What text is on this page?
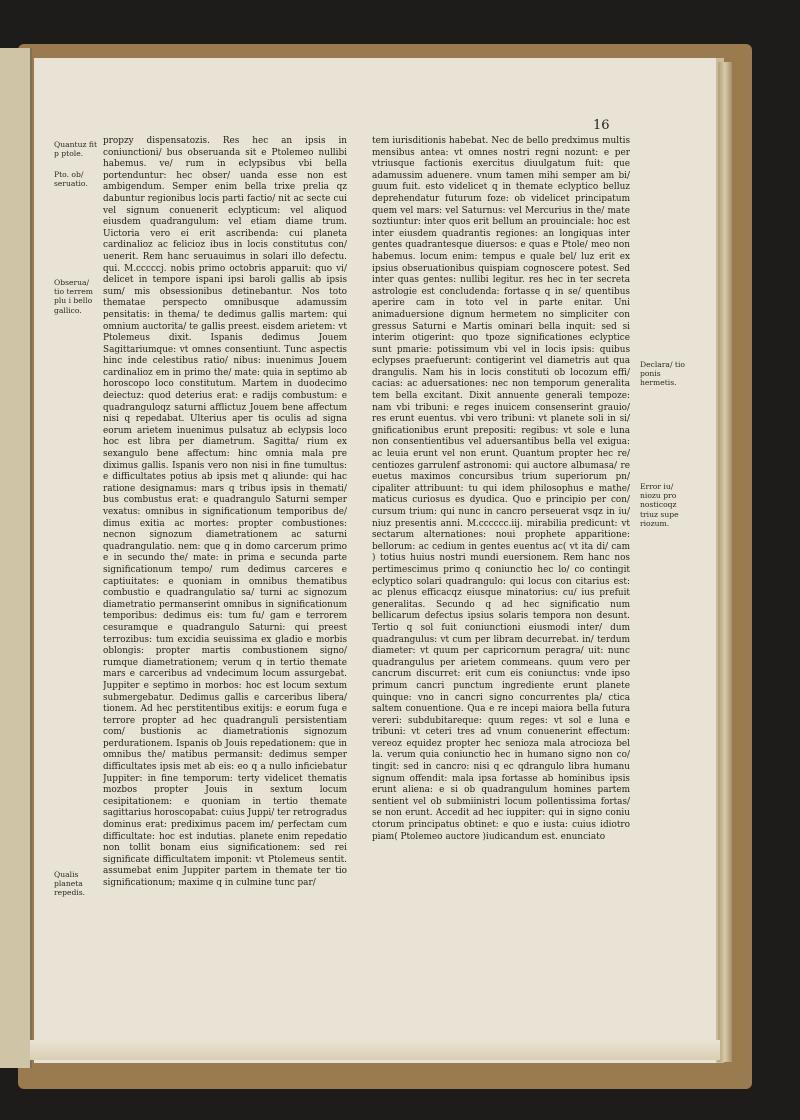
16
Quantuz fit p ptole.
Pto. ob/ seruatio.
Obserua/ tio terrem plu i bello gallico.
Qualis planeta repedis.
Declara/ tio ponis hermetis.
Error iu/ niozu pro nosticoqz triuz supe riozum.

propzy dispensatozis. Res hec an ipsis in coniunctioni/ bus obseruanda sit e Ptolemeo nullibi habemus. ve/ rum in eclypsibus vbi bella portenduntur: hec obser/ uanda esse non est ambigendum. Semper enim bella trixe prelia qz dabuntur regionibus locis parti factio/ nit ac secte cui vel signum conuenerit eclypticum: vel aliquod eiusdem quadrangulum: vel etiam diame trum. Uictoria vero ei erit ascribenda: cui planeta cardinalioz ac felicioz ibus in locis constitutus con/ uenerit. Rem hanc seruauimus in solari illo defectu. qui. M.cccccj. nobis primo octobris apparuit: quo vi/ delicet in tempore ispani ipsi baroli gallis ab ipsis sum/ mis obsessionibus detinebantur. Nos toto thematae perspecto omnibusque adamussim pensitatis: in thema/ te dedimus gallis martem: qui omnium auctorita/ te gallis preest. eisdem arietem: vt Ptolemeus dixit. Ispanis dedimus Jouem Sagittariumque: vt omnes consentiunt. Tunc aspectis hinc inde celestibus ratio/ nibus: inuenimus Jouem cardinalioz em in primo the/ mate: quia in septimo ab horoscopo loco constitutum. Martem in duodecimo deiectuz: quod deterius erat: e radijs combustum: e quadranguloqz saturni afflictuz Jouem bene affectum nisi q repedabat. Ulterius aper tis oculis ad signa eorum arietem inuenimus pulsatuz ab eclypsis loco hoc est libra per diametrum. Sagitta/ rium ex sexangulo bene affectum: hinc omnia mala pre diximus gallis. Ispanis vero non nisi in fine tumultus: e difficultates potius ab ipsis met q aliunde: qui hac ratione designamus: mars q tribus ipsis in themati/ bus combustus erat: e quadrangulo Saturni semper vexatus: omnibus in significationum temporibus de/ dimus exitia ac mortes: propter combustiones: necnon signozum diametrationem ac saturni quadrangulatio. nem: que q in domo carcerum primo e in secundo the/ mate: in prima e secunda parte significationum tempo/ rum dedimus carceres e captiuitates: e quoniam in omnibus thematibus combustio e quadrangulatio sa/ turni ac signozum diametratio permanserint omnibus in significationum temporibus: dedimus eis: tum fu/ gam e terrorem cesuramque e quadrangulo Saturni: qui preest terrozibus: tum excidia seuissima ex gladio e morbis oblongis: propter martis combustionem signo/ rumque diametrationem; verum q in tertio themate mars e carceribus ad vndecimum locum assurgebat. Juppiter e septimo in morbos: hoc est locum sextum submergebatur. Dedimus gallis e carceribus libera/ tionem. Ad hec perstitentibus exitijs: e eorum fuga e terrore propter ad hec quadranguli persistentiam com/ bustionis ac diametrationis signozum perdurationem. Ispanis ob Jouis repedationem: que in omnibus the/ matibus permansit: dedimus semper difficultates ipsis met ab eis: eo q a nullo inficiebatur Juppiter: in fine temporum: terty videlicet thematis mozbos propter Jouis in sextum locum cesipitationem: e quoniam in tertio themate sagittarius horoscopabat: cuius Juppi/ ter retrogradus dominus erat: prediximus pacem im/ perfectam cum difficultate: hoc est indutias. planete enim repedatio non tollit bonam eius significationem: sed rei significate difficultatem imponit: vt Ptolemeus sentit. assumebat enim Juppiter partem in themate ter tio significationum; maxime q in culmine tunc par/

tem iurisditionis habebat. Nec de bello predximus multis mensibus antea: vt omnes nostri regni nozunt: e per vtriusque factionis exercitus diuulgatum fuit: que adamussim aduenere. vnum tamen mihi semper am bi/ guum fuit. esto videlicet q in themate eclyptico belluz deprehendatur futurum foze: ob videlicet principatum quem vel mars: vel Saturnus: vel Mercurius in the/ mate soztiuntur: inter quos erit bellum an prouinciale: hoc est inter eiusdem quadrantis regiones: an longiquas inter gentes quadrantesque diuersos: e quas e Ptole/ meo non habemus. locum enim: tempus e quale bel/ luz erit ex ipsius obseruationibus quispiam cognoscere potest. Sed inter quas gentes: nullibi legitur. res hec in ter secreta astrologie est concludenda: fortasse q in se/ quentibus aperire cam in toto vel in parte enitar. Uni animaduersione dignum hermetem no simpliciter con gressus Saturni e Martis ominari bella inquit: sed si interim otigerint: quo tpoze significationes eclyptice sunt pmarie: potissimum vbi vel in locis ipsis: quibus eclypses praefuerunt: contigerint vel diametris aut qua drangulis. Nam his in locis constituti ob locozum effi/ cacias: ac aduersationes: nec non temporum generalita tem bella excitant. Dixit annuente generali tempoze: nam vbi tribuni: e reges inuicem consenserint grauio/ res erunt euentus. vbi vero tribuni: vt planete soli in si/ gnificationibus erunt prepositi: regibus: vt sole e luna non consentientibus vel aduersantibus bella vel exigua: ac leuia erunt vel non erunt. Quantum propter hec re/ centiozes garrulenf astronomi: qui auctore albumasa/ re euetus maximos concursibus trium superiorum pn/ cipaliter attribuunt: tu qui idem philosophus e mathe/ maticus curiosus es dyudica. Quo e principio per con/ cursum trium: qui nunc in cancro perseuerat vsqz in iu/ niuz presentis anni. M.cccccc.iij. mirabilia predicunt: vt sectarum alternationes: noui prophete apparitione: bellorum: ac cedium in gentes euentus ac( vt ita di/ cam ) totius huius nostri mundi euersionem. Rem hanc nos pertimescimus primo q coniunctio hec lo/ co contingit eclyptico solari quadrangulo: qui locus con citarius est: ac plenus efficacqz eiusque minatorius: cu/ ius prefuit generalitas. Secundo q ad hec significatio num bellicarum defectus ipsius solaris tempora non desunt. Tertio q sol fuit coniunctioni eiusmodi inter/ dum quadrangulus: vt cum per libram decurrebat. in/ terdum diameter: vt quum per capricornum peragra/ uit: nunc quadrangulus per arietem commeans. quum vero per cancrum discurret: erit cum eis coniunctus: vnde ipso primum cancri punctum ingrediente erunt planete quinque: vno in cancri signo concurrentes pla/ ctica saltem conuentione. Qua e re incepi maiora bella futura vereri: subdubitareque: quum reges: vt sol e luna e tribuni: vt ceteri tres ad vnum conuenerint effectum: vereoz equidez propter hec senioza mala atrocioza bel la. verum quia coniunctio hec in humano signo non co/ tingit: sed in cancro: nisi q ec qdrangulo libra humanu signum offendit: mala ipsa fortasse ab hominibus ipsis erunt aliena: e si ob quadrangulum homines partem sentient vel ob submiinistri locum pollentissima fortas/ se non erunt. Accedit ad hec iuppiter: qui in signo coniu ctorum principatus obtinet: e quo e iusta: cuius idiotro piam( Ptolemeo auctore )iudicandum est. enunciato
